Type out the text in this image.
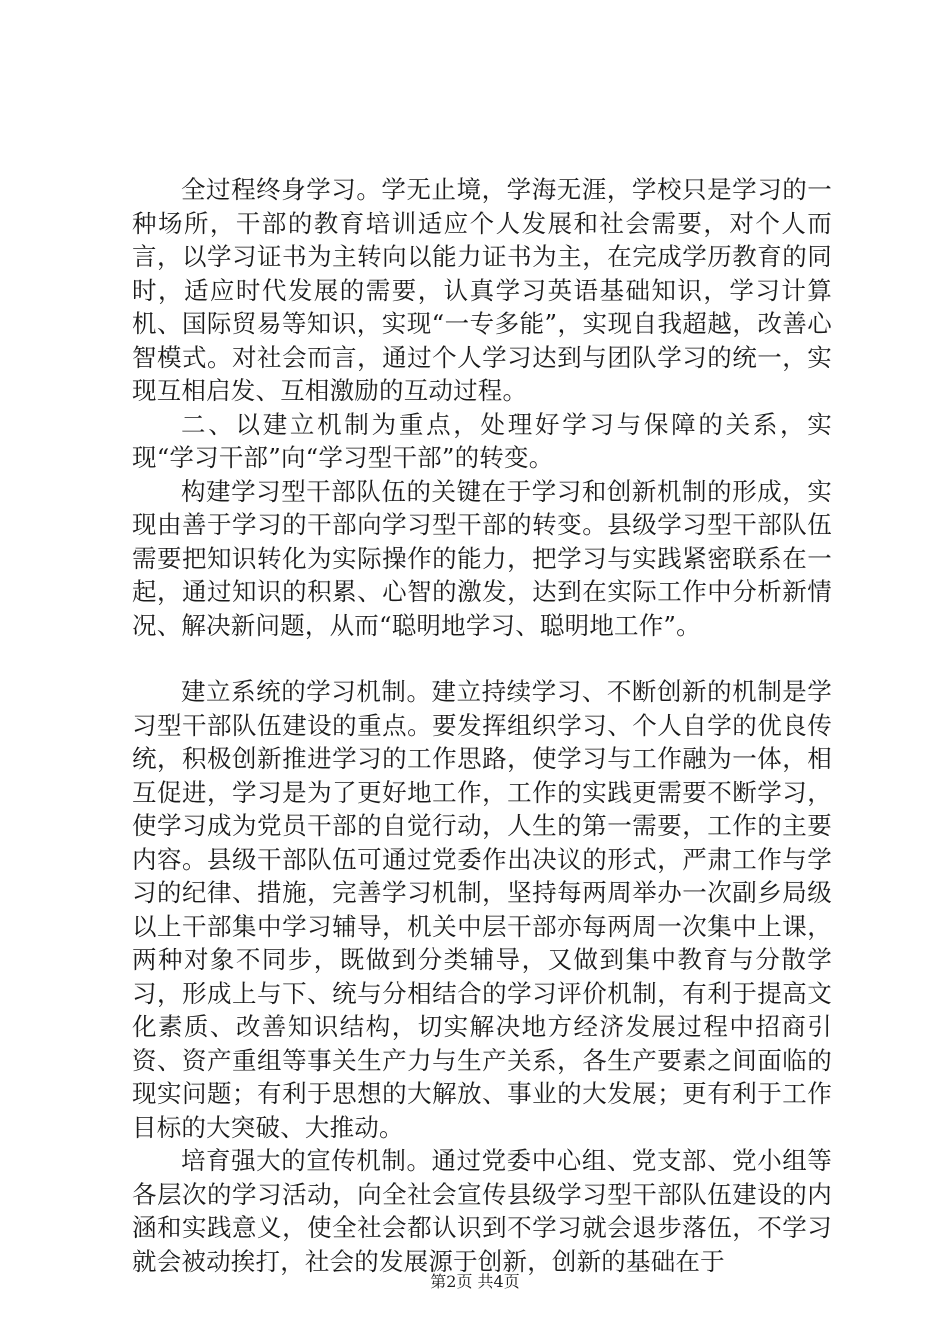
全过程终身学习。学无止境，学海无涯，学校只是学习的一种场所，干部的教育培训适应个人发展和社会需要，对个人而言，以学习证书为主转向以能力证书为主，在完成学历教育的同时，适应时代发展的需要，认真学习英语基础知识，学习计算机、国际贸易等知识，实现“一专多能”，实现自我超越，改善心智模式。对社会而言，通过个人学习达到与团队学习的统一，实现互相启发、互相激励的互动过程。

二、以建立机制为重点，处理好学习与保障的关系，实现“学习干部”向“学习型干部”的转变。

构建学习型干部队伍的关键在于学习和创新机制的形成，实现由善于学习的干部向学习型干部的转变。县级学习型干部队伍需要把知识转化为实际操作的能力，把学习与实践紧密联系在一起，通过知识的积累、心智的激发，达到在实际工作中分析新情况、解决新问题，从而“聪明地学习、聪明地工作”。

建立系统的学习机制。建立持续学习、不断创新的机制是学习型干部队伍建设的重点。要发挥组织学习、个人自学的优良传统，积极创新推进学习的工作思路，使学习与工作融为一体，相互促进，学习是为了更好地工作，工作的实践更需要不断学习，使学习成为党员干部的自觉行动，人生的第一需要，工作的主要内容。县级干部队伍可通过党委作出决议的形式，严肃工作与学习的纪律、措施，完善学习机制，坚持每两周举办一次副乡局级以上干部集中学习辅导，机关中层干部亦每两周一次集中上课，两种对象不同步，既做到分类辅导，又做到集中教育与分散学习，形成上与下、统与分相结合的学习评价机制，有利于提高文化素质、改善知识结构，切实解决地方经济发展过程中招商引资、资产重组等事关生产力与生产关系，各生产要素之间面临的现实问题；有利于思想的大解放、事业的大发展；更有利于工作目标的大突破、大推动。

培育强大的宣传机制。通过党委中心组、党支部、党小组等各层次的学习活动，向全社会宣传县级学习型干部队伍建设的内涵和实践意义，使全社会都认识到不学习就会退步落伍，不学习就会被动挨打，社会的发展源于创新，创新的基础在于

第2页 共4页
